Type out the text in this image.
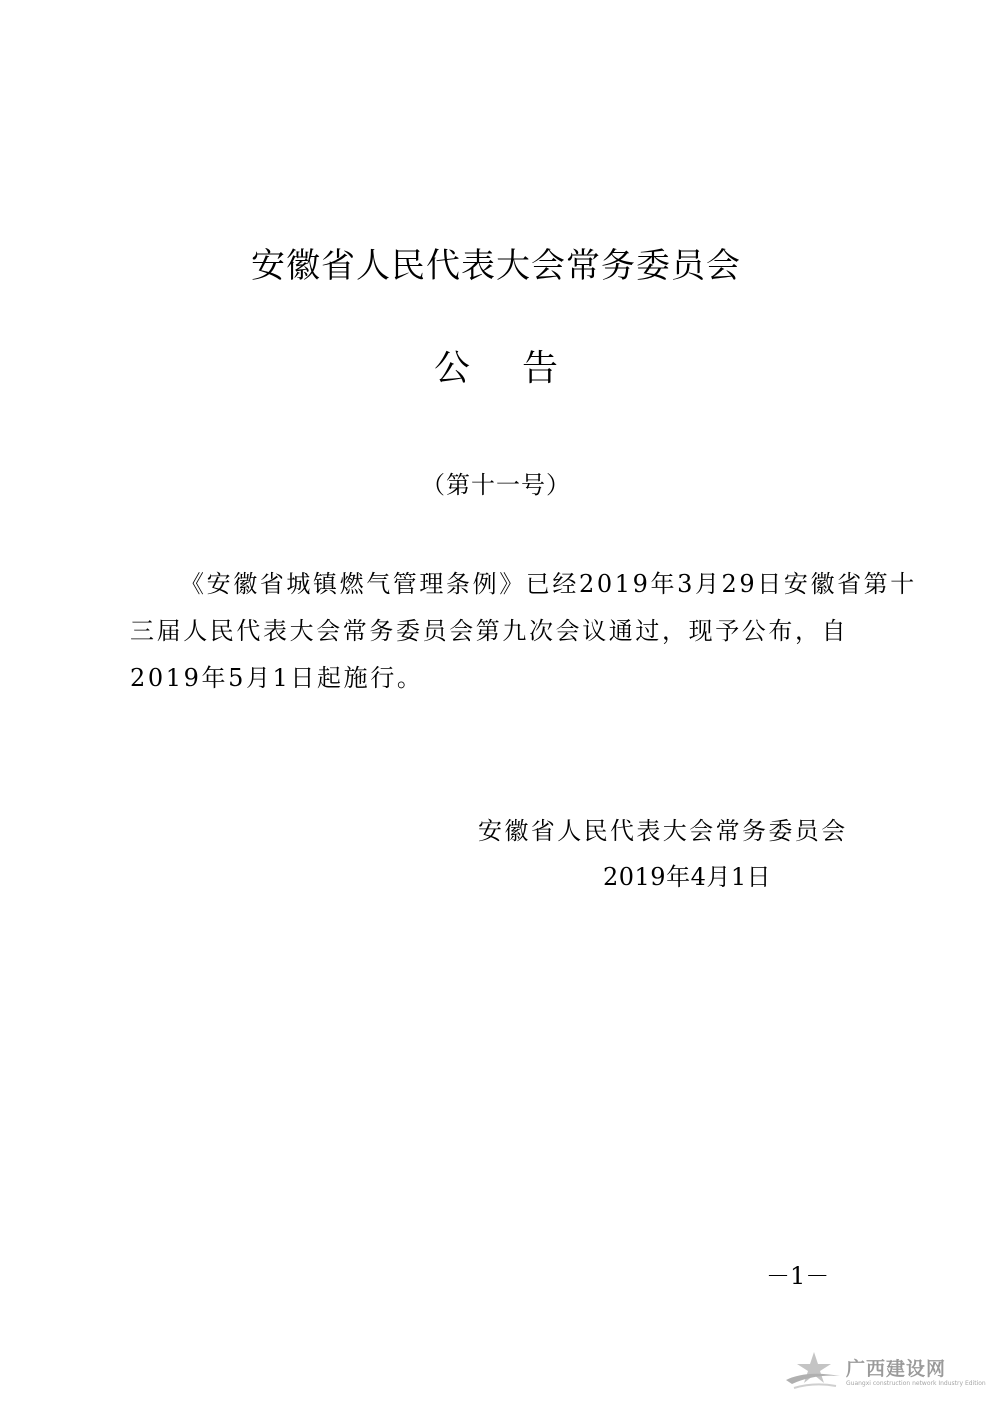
安徽省人民代表大会常务委员会
公告
（第十一号）

《安徽省城镇燃气管理条例》已经2019年3月29日安徽省第十
三届人民代表大会常务委员会第九次会议通过，现予公布，自
2019年5月1日起施行。

安徽省人民代表大会常务委员会
2019年4月1日
－1－
广西建设网
Guangxi construction network Industry Edition
